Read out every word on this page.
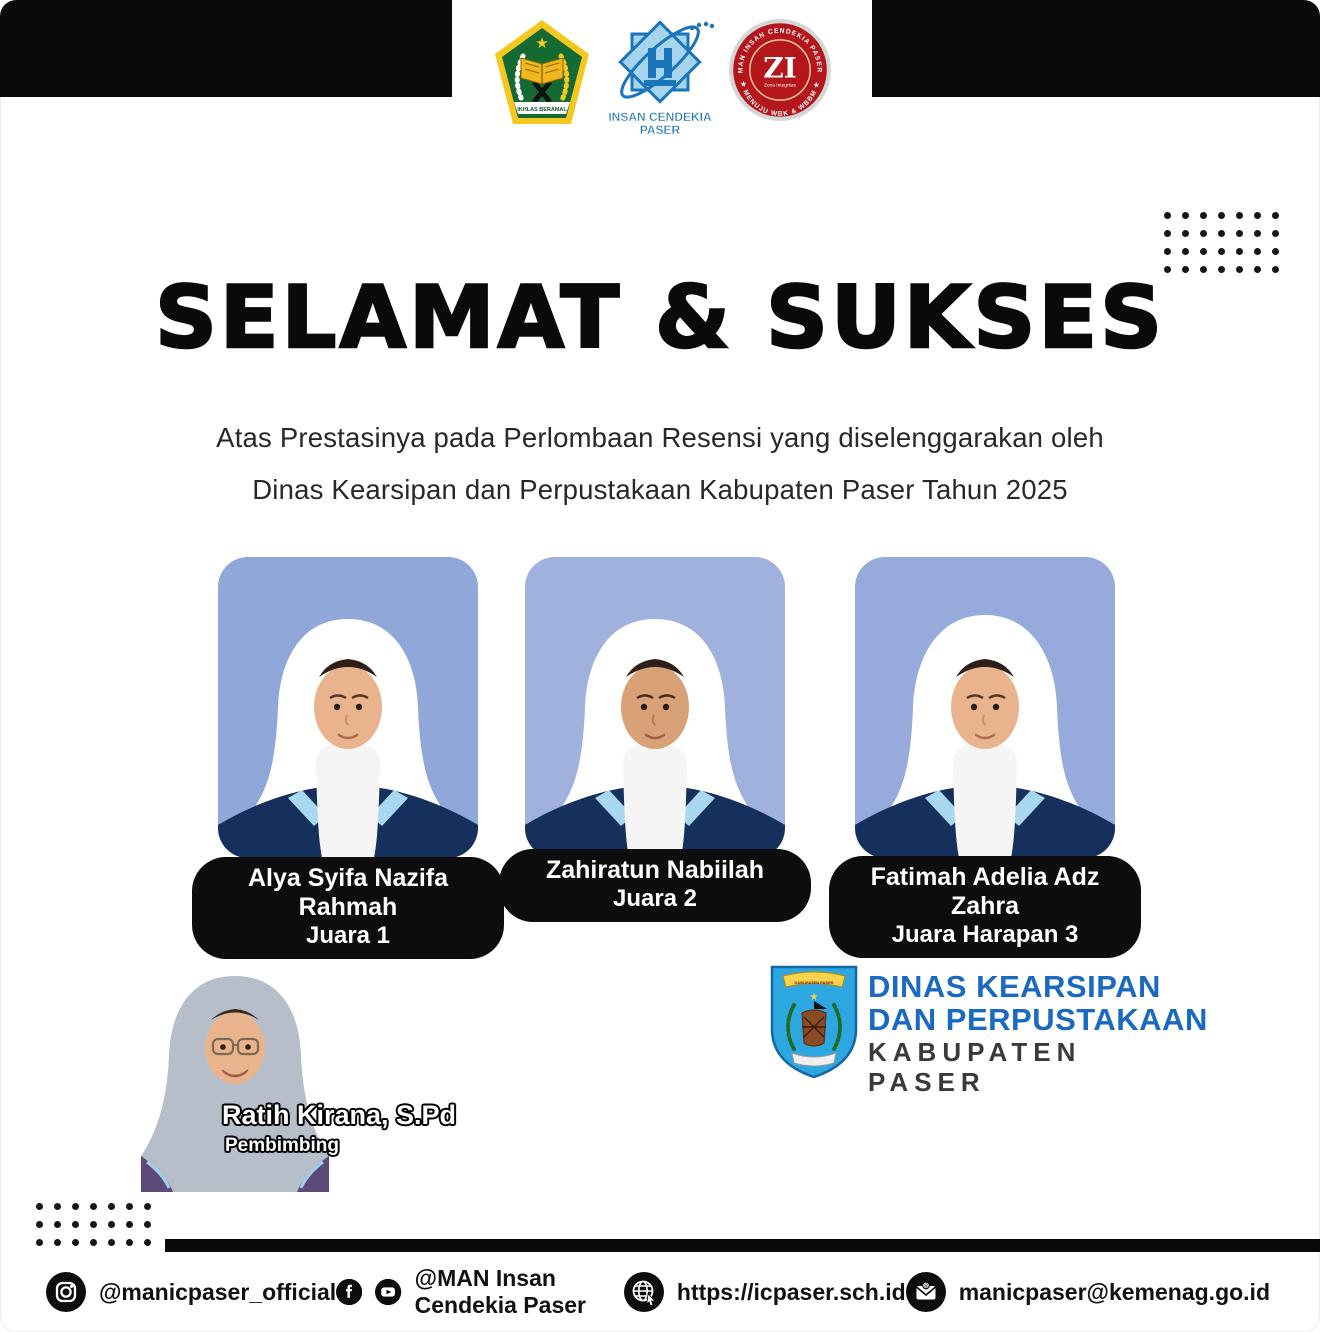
★
IKHLAS BERAMAL	INSAN CENDEKIA
PASER
MAN INSAN CENDEKIA PASER
★ MENUJU WBK & WBBM ★
ZI
Zona Integritas
SELAMAT & SUKSES
Atas Prestasinya pada Perlombaan Resensi yang diselenggarakan oleh
Dinas Kearsipan dan Perpustakaan Kabupaten Paser Tahun 2025
Alya Syifa Nazifa Rahmah
Juara 1
Zahiratun Nabiilah
Juara 2
Fatimah Adelia Adz Zahra
Juara Harapan 3
Ratih Kirana, S.Pd
Pembimbing
KABUPATEN PASER
★ DINAS KEARSIPAN
DAN PERPUSTAKAAN
KABUPATEN PASER
@manicpaser_official
@MAN Insan Cendekia Paser
https://icpaser.sch.id	@ manicpaser@kemenag.go.id
